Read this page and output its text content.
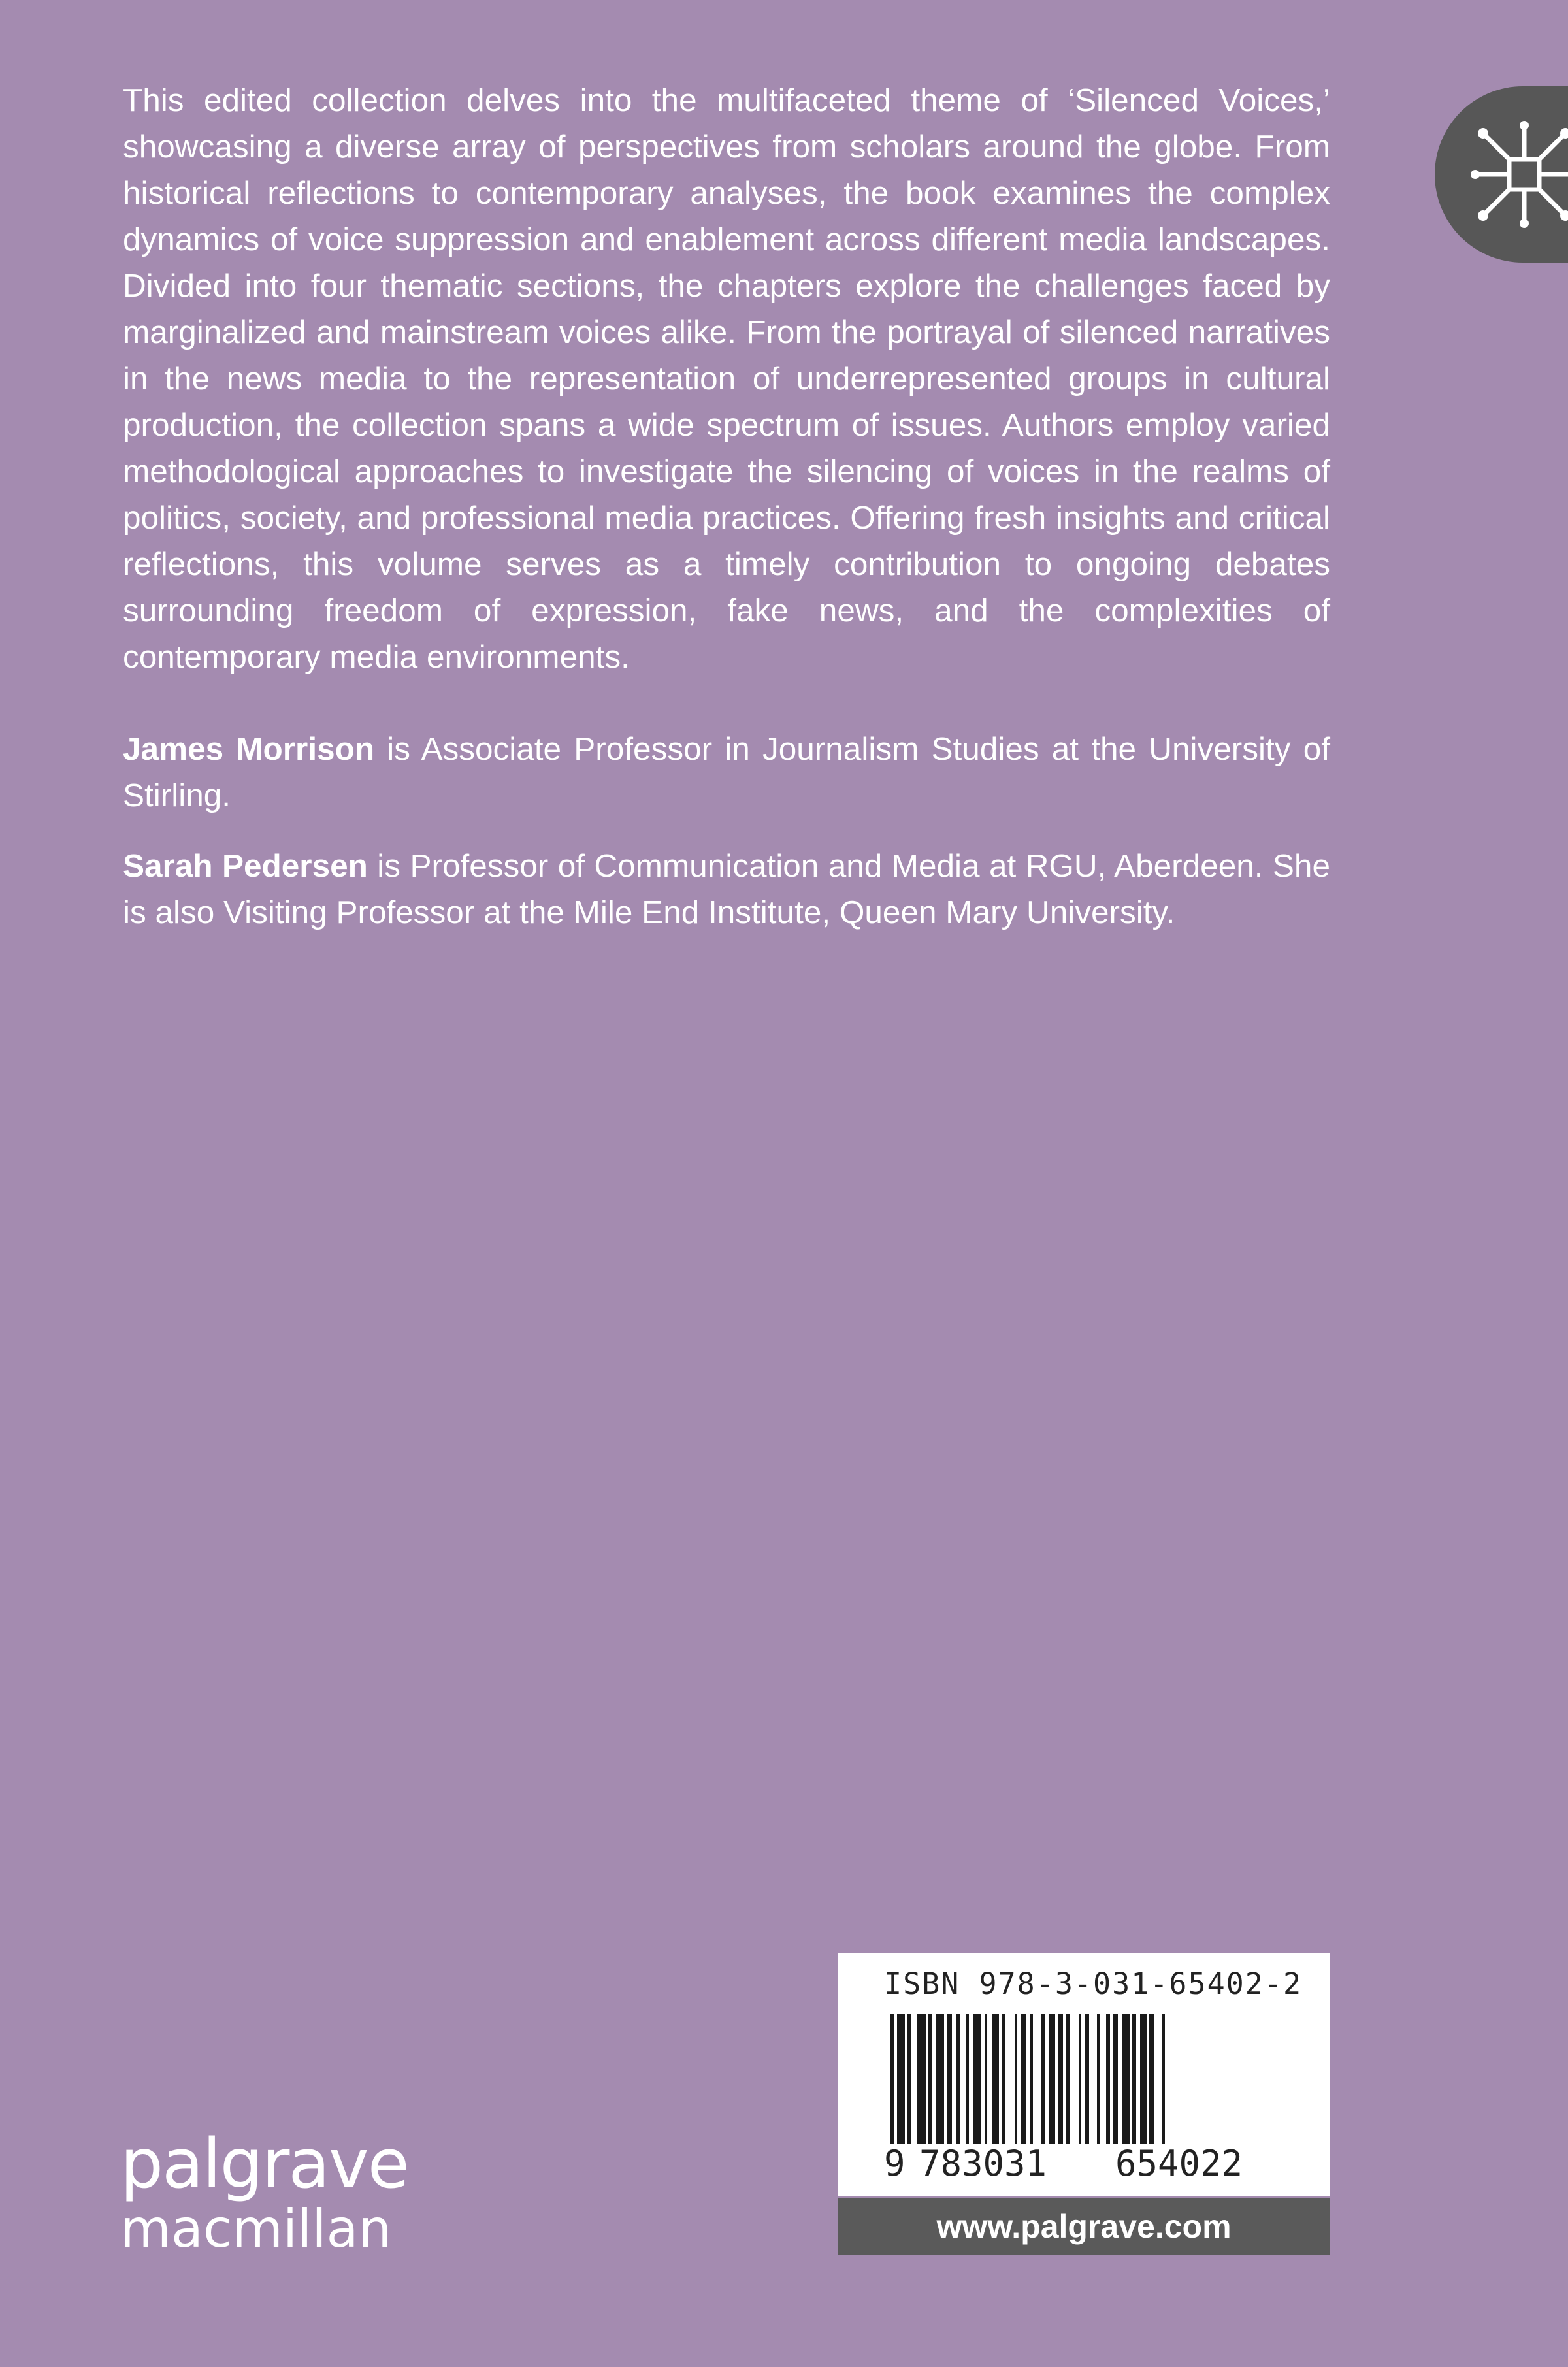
This edited collection delves into the multifaceted theme of ‘Silenced Voices,’ showcasing a diverse array of perspectives from scholars around the globe. From historical reflections to contemporary analyses, the book examines the complex dynamics of voice suppression and enablement across different media landscapes. Divided into four thematic sections, the chapters explore the challenges faced by marginalized and mainstream voices alike. From the portrayal of silenced narratives in the news media to the representation of underrepresented groups in cultural production, the collection spans a wide spectrum of issues. Authors employ varied methodological approaches to investigate the silencing of voices in the realms of politics, society, and professional media practices. Offering fresh insights and critical reflections, this volume serves as a timely contribution to ongoing debates surrounding freedom of expression, fake news, and the complexities of contemporary media environments.

James Morrison is Associate Professor in Journalism Studies at the University of Stirling.

Sarah Pedersen is Professor of Communication and Media at RGU, Aberdeen. She is also Visiting Professor at the Mile End Institute, Queen Mary University.

palgrave
macmillan
ISBN 978-3-031-65402-2
9 783031 654022
www.palgrave.com
